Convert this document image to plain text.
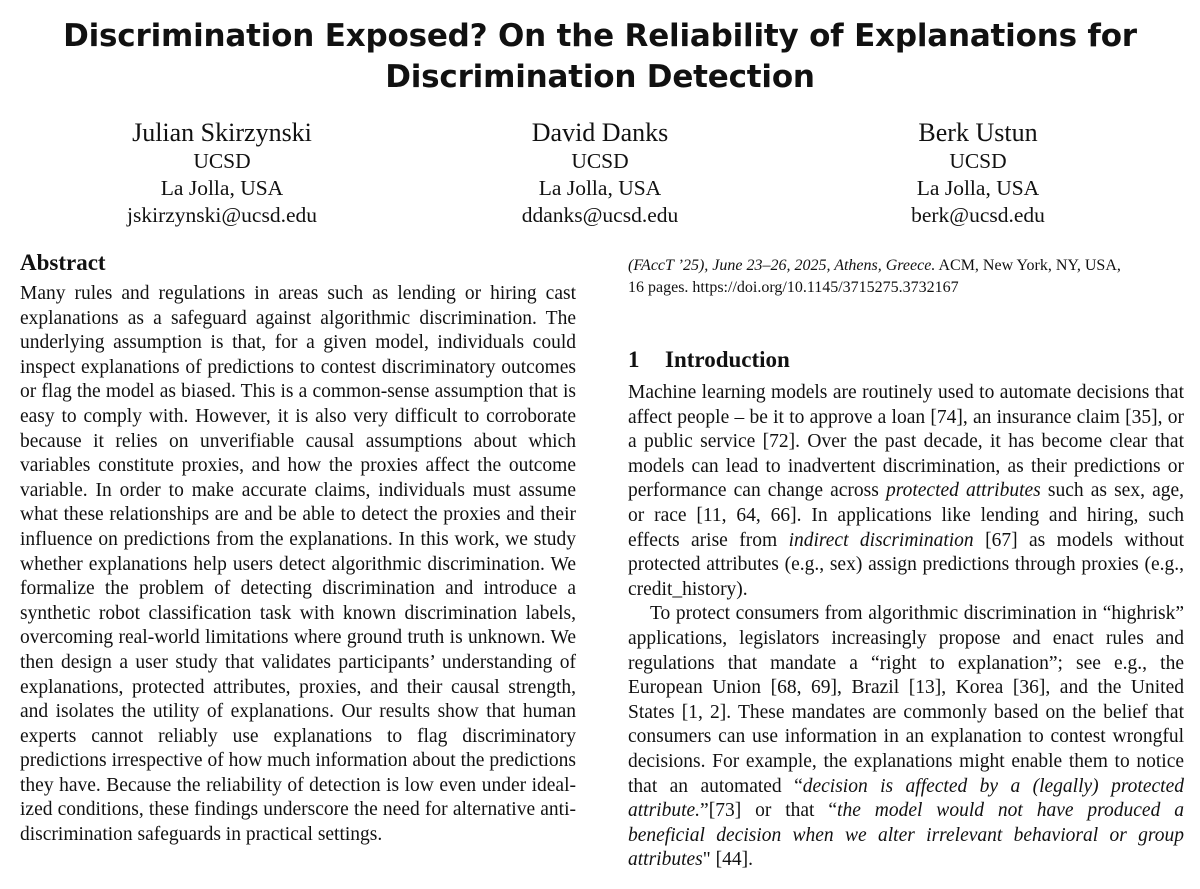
Discrimination Exposed? On the Reliability of Explanations for
Discrimination Detection
Julian Skirzynski
UCSD
La Jolla, USA
jskirzynski@ucsd.edu
David Danks
UCSD
La Jolla, USA
ddanks@ucsd.edu
Berk Ustun
UCSD
La Jolla, USA
berk@ucsd.edu
Abstract

Many rules and regulations in areas such as lending or hiring cast explanations as a safeguard against algorithmic discrimination. The underlying assumption is that, for a given model, individuals could inspect explanations of predictions to contest discriminatory outcomes or flag the model as biased. This is a common-sense assumption that is easy to comply with. However, it is also very difficult to corroborate because it relies on unverifiable causal assumptions about which variables constitute proxies, and how the proxies affect the outcome variable. In order to make accurate claims, individuals must assume what these relationships are and be able to detect the proxies and their influence on predictions from the explanations. In this work, we study whether explanations help users detect algorithmic discrimination. We formalize the problem of detecting discrimination and introduce a synthetic robot classification task with known discrimination labels, overcoming real-world limitations where ground truth is unknown. We then design a user study that validates participants’ understanding of explanations, protected attributes, proxies, and their causal strength, and isolates the utility of explanations. Our results show that human experts cannot reliably use explanations to flag discriminatory predictions irrespective of how much information about the predictions they have. Because the reliability of detection is low even under idealized conditions, these findings underscore the need for alternative anti-discrimination safeguards in practical settings.

(FAccT ’25), June 23–26, 2025, Athens, Greece. ACM, New York, NY, USA,
16 pages. https://doi.org/10.1145/3715275.3732167
1 Introduction

Machine learning models are routinely used to automate decisions that affect people – be it to approve a loan [74], an insurance claim [35], or a public service [72]. Over the past decade, it has become clear that models can lead to inadvertent discrimination, as their predictions or performance can change across protected attributes such as sex, age, or race [11, 64, 66]. In applications like lending and hiring, such effects arise from indirect discrimination [67] as models without protected attributes (e.g., sex) assign predictions through proxies (e.g., credit_history).

To protect consumers from algorithmic discrimination in “highrisk” applications, legislators increasingly propose and enact rules and regulations that mandate a “right to explanation”; see e.g., the European Union [68, 69], Brazil [13], Korea [36], and the United States [1, 2]. These mandates are commonly based on the belief that consumers can use information in an explanation to contest wrongful decisions. For example, the explanations might enable them to notice that an automated “decision is affected by a (legally) protected attribute.”[73] or that “the model would not have produced a beneficial decision when we alter irrelevant behavioral or group attributes" [44].
